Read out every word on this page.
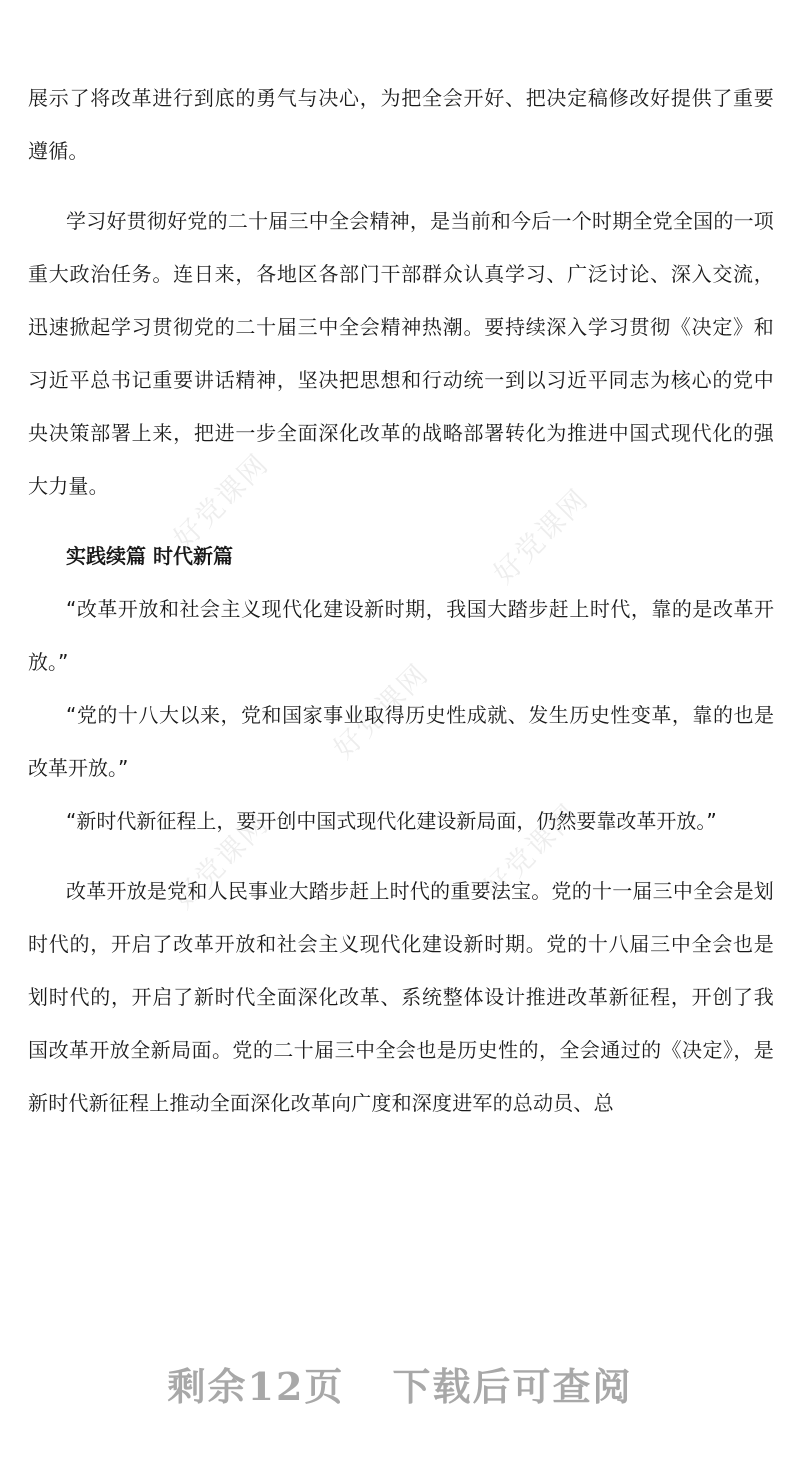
好党课网	好党课网
好党课网
好党课网	好党课网

展示了将改革进行到底的勇气与决心，为把全会开好、把决定稿修改好提供了重要遵循。

学习好贯彻好党的二十届三中全会精神，是当前和今后一个时期全党全国的一项重大政治任务。连日来，各地区各部门干部群众认真学习、广泛讨论、深入交流，迅速掀起学习贯彻党的二十届三中全会精神热潮。要持续深入学习贯彻《决定》和习近平总书记重要讲话精神，坚决把思想和行动统一到以习近平同志为核心的党中央决策部署上来，把进一步全面深化改革的战略部署转化为推进中国式现代化的强大力量。

实践续篇 时代新篇

“改革开放和社会主义现代化建设新时期，我国大踏步赶上时代，靠的是改革开放。”

“党的十八大以来，党和国家事业取得历史性成就、发生历史性变革，靠的也是改革开放。”

“新时代新征程上，要开创中国式现代化建设新局面，仍然要靠改革开放。”

改革开放是党和人民事业大踏步赶上时代的重要法宝。党的十一届三中全会是划时代的，开启了改革开放和社会主义现代化建设新时期。党的十八届三中全会也是划时代的，开启了新时代全面深化改革、系统整体设计推进改革新征程，开创了我国改革开放全新局面。党的二十届三中全会也是历史性的，全会通过的《决定》，是新时代新征程上推动全面深化改革向广度和深度进军的总动员、总

剩余12页 下载后可查阅
